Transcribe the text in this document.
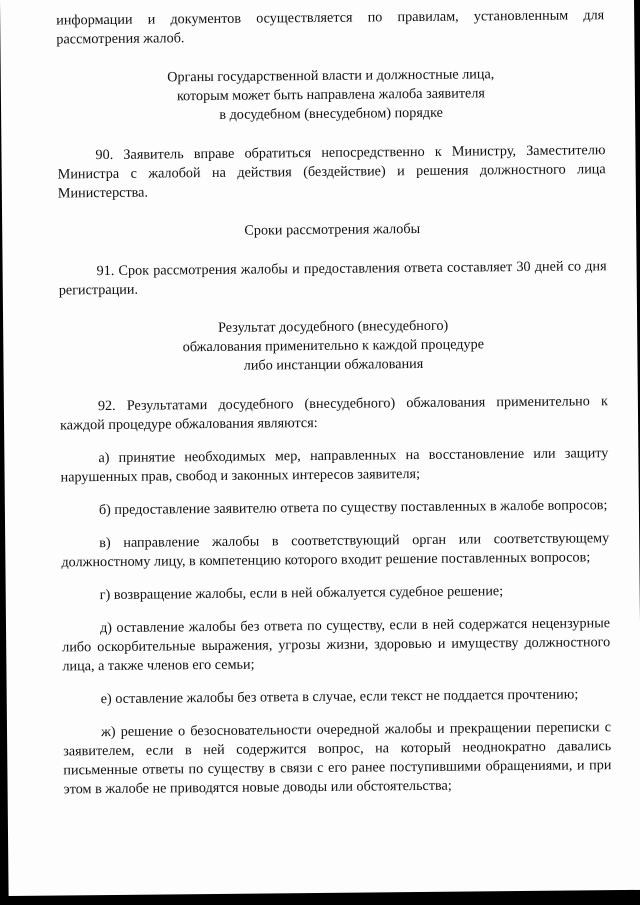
информации и документов осуществляется по правилам, установленным для рассмотрения жалоб.

Органы государственной власти и должностные лица,

которым может быть направлена жалоба заявителя

в досудебном (внесудебном) порядке

90. Заявитель вправе обратиться непосредственно к Министру, Заместителю Министра с жалобой на действия (бездействие) и решения должностного лица Министерства.

Сроки рассмотрения жалобы

91. Срок рассмотрения жалобы и предоставления ответа составляет 30 дней со дня регистрации.

Результат досудебного (внесудебного)

обжалования применительно к каждой процедуре

либо инстанции обжалования

92. Результатами досудебного (внесудебного) обжалования применительно к каждой процедуре обжалования являются:

а) принятие необходимых мер, направленных на восстановление или защиту нарушенных прав, свобод и законных интересов заявителя;

б) предоставление заявителю ответа по существу поставленных в жалобе вопросов;

в) направление жалобы в соответствующий орган или соответствующему должностному лицу, в компетенцию которого входит решение поставленных вопросов;

г) возвращение жалобы, если в ней обжалуется судебное решение;

д) оставление жалобы без ответа по существу, если в ней содержатся нецензурные либо оскорбительные выражения, угрозы жизни, здоровью и имуществу должностного лица, а также членов его семьи;

е) оставление жалобы без ответа в случае, если текст не поддается прочтению;

ж) решение о безосновательности очередной жалобы и прекращении переписки с заявителем, если в ней содержится вопрос, на который неоднократно давались письменные ответы по существу в связи с его ранее поступившими обращениями, и при этом в жалобе не приводятся новые доводы или обстоятельства;
